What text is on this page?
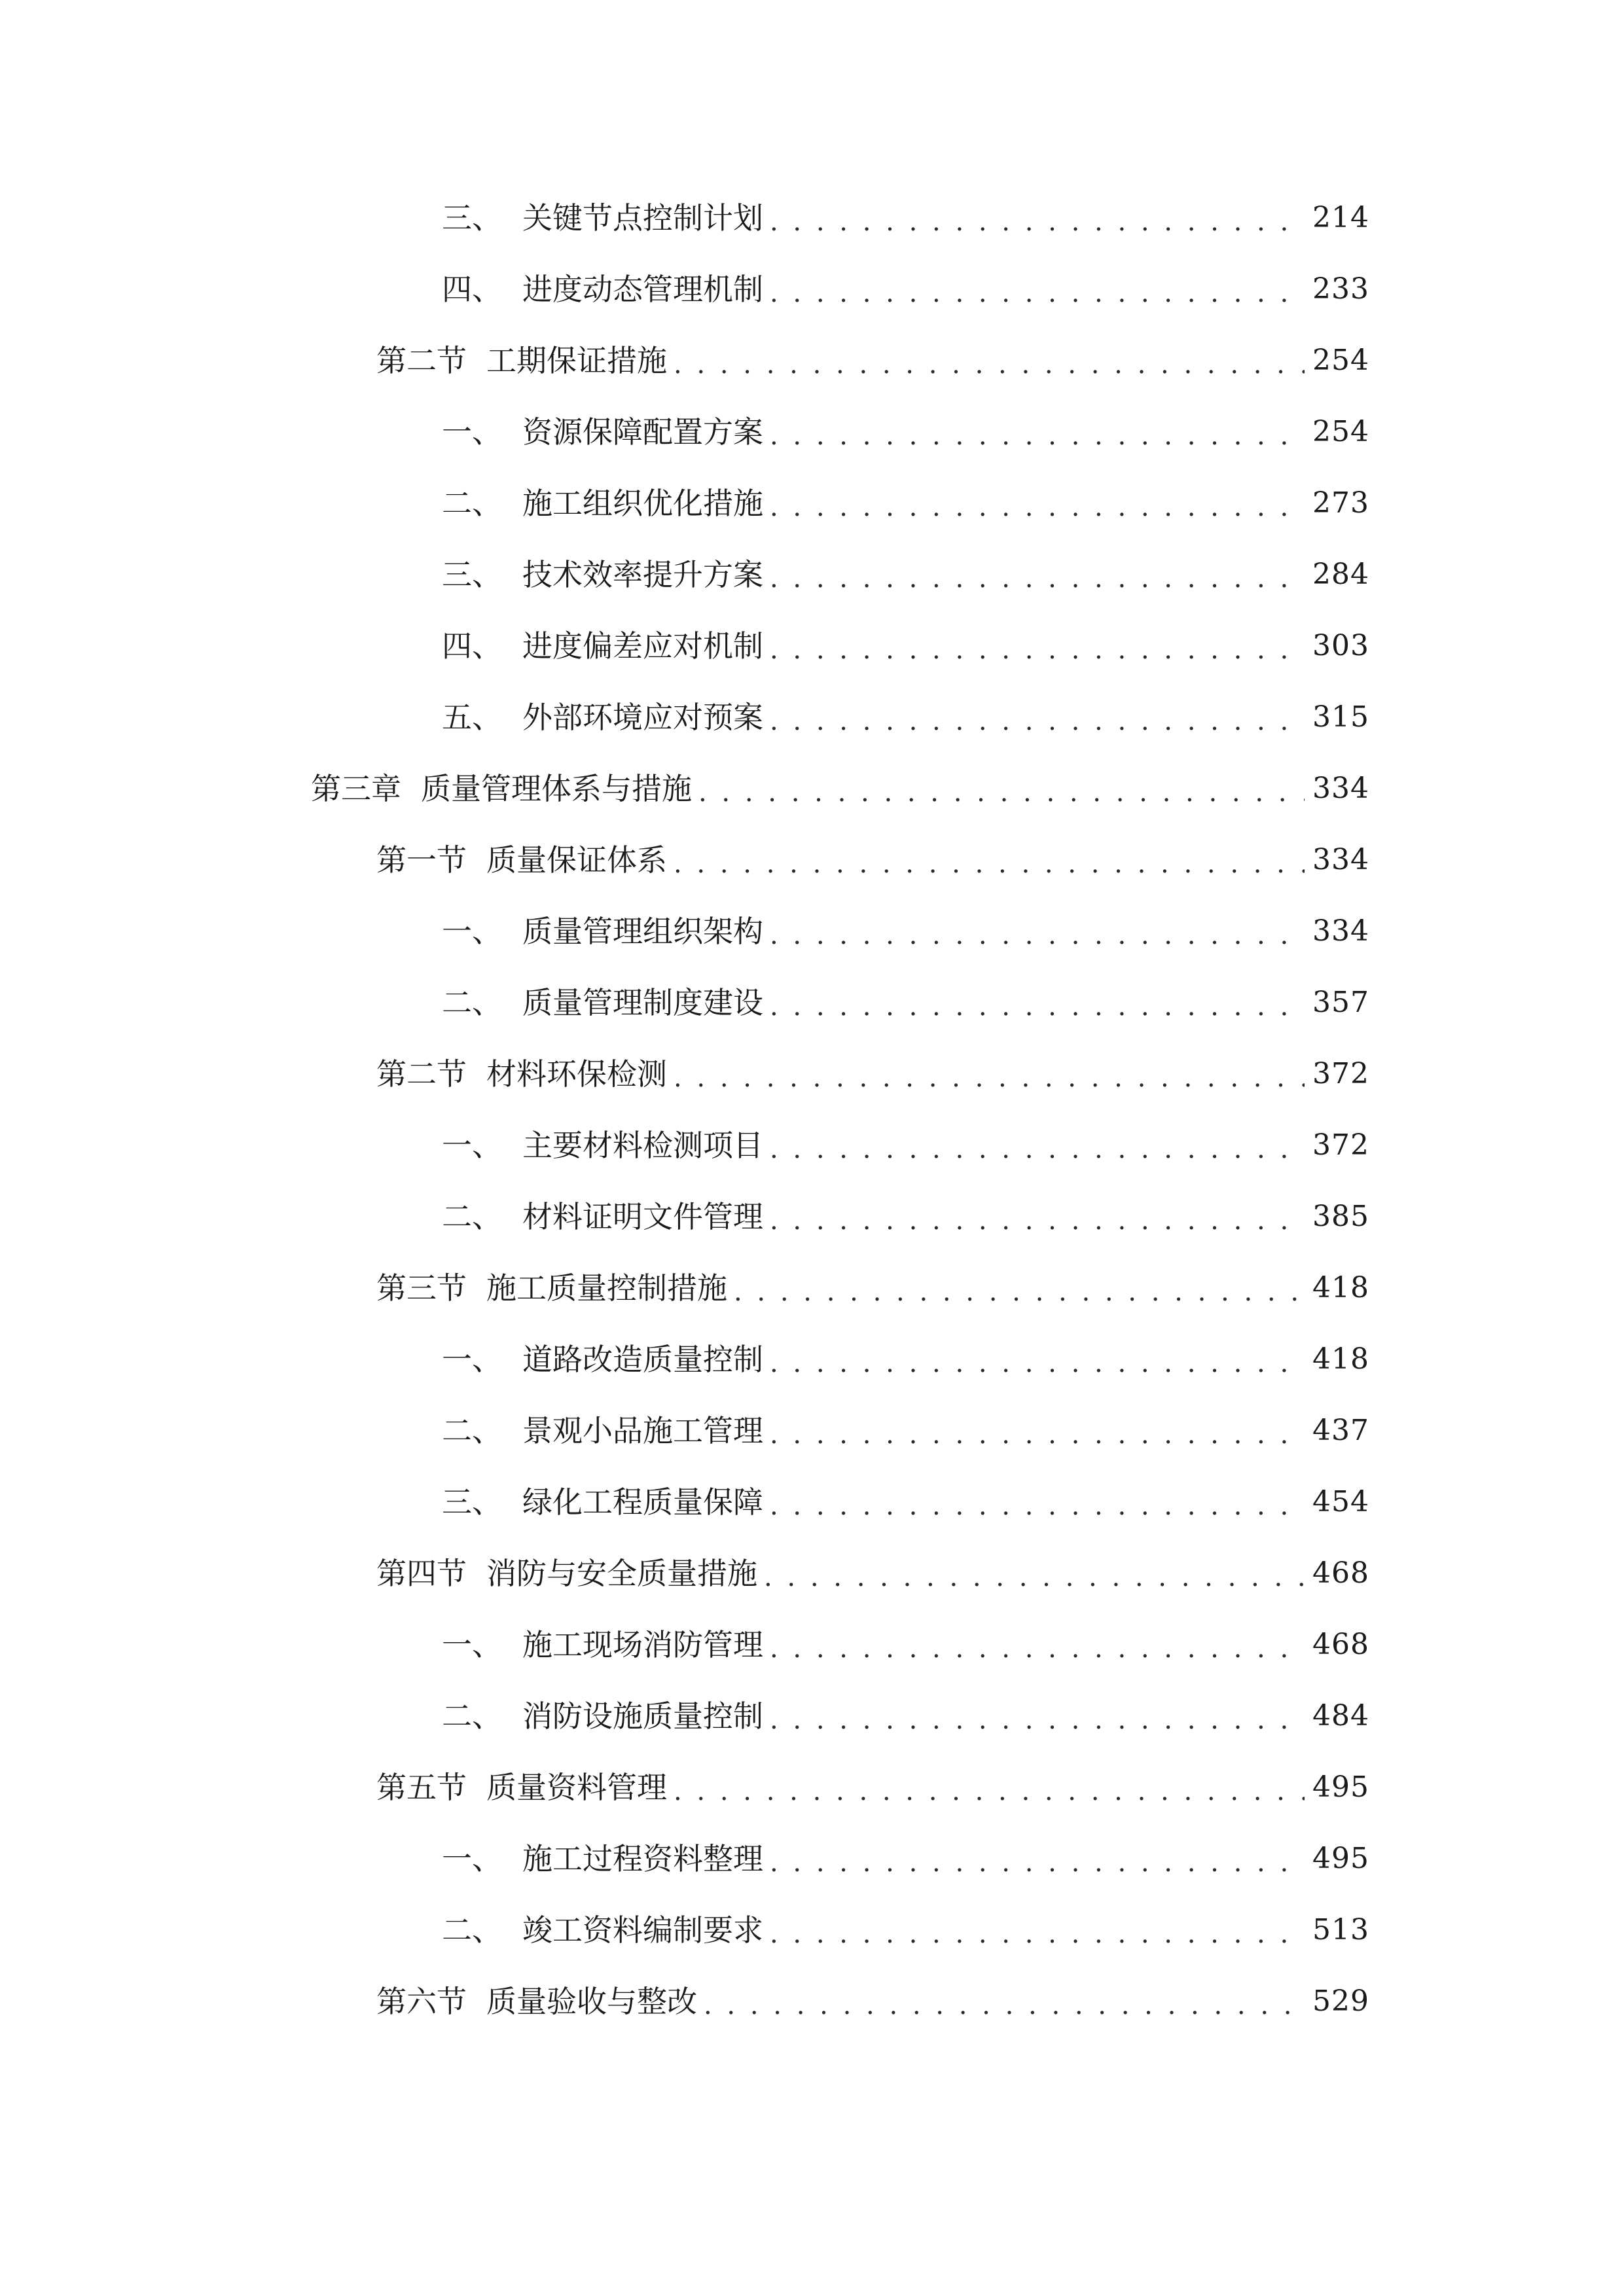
三、 关键节点控制计划 . . .	214
四、 进度动态管理机制 . . .	233
第二节 工期保证措施 . . .	254
一、 资源保障配置方案 . . .	254
二、 施工组织优化措施 . . .	273
三、 技术效率提升方案 . . .	284
四、 进度偏差应对机制 . . .	303
五、 外部环境应对预案 . . .	315
第三章 质量管理体系与措施 . . .	334
第一节 质量保证体系 . . .	334
一、 质量管理组织架构 . . .	334
二、 质量管理制度建设 . . .	357
第二节 材料环保检测 . . .	372
一、 主要材料检测项目 . . .	372
二、 材料证明文件管理 . . .	385
第三节 施工质量控制措施 . . .	418
一、 道路改造质量控制 . . .	418
二、 景观小品施工管理 . . .	437
三、 绿化工程质量保障 . . .	454
第四节 消防与安全质量措施 . . .	468
一、 施工现场消防管理 . . .	468
二、 消防设施质量控制 . . .	484
第五节 质量资料管理 . . .	495
一、 施工过程资料整理 . . .	495
二、 竣工资料编制要求 . . .	513
第六节 质量验收与整改 . . .	529
